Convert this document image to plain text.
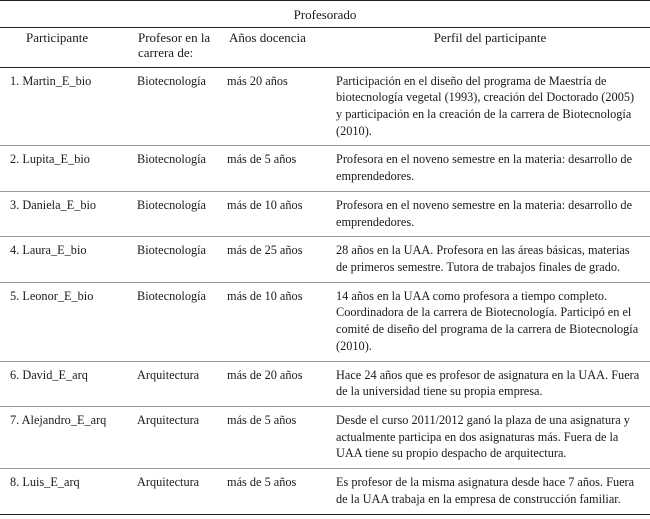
Profesorado			
Participante	Profesor en la carrera de:	Años docencia	Perfil del participante
1. Martin_E_bio	Biotecnología	más 20 años	Participación en el diseño del programa de Maestría de biotecnología vegetal (1993), creación del Doctorado (2005) y participación en la creación de la carrera de Biotecnología (2010).
2. Lupita_E_bio	Biotecnología	más de 5 años	Profesora en el noveno semestre en la materia: desarrollo de emprendedores.
3. Daniela_E_bio	Biotecnología	más de 10 años	Profesora en el noveno semestre en la materia: desarrollo de emprendedores.
4. Laura_E_bio	Biotecnología	más de 25 años	28 años en la UAA. Profesora en las áreas básicas, materias de primeros semestre. Tutora de trabajos finales de grado.
5. Leonor_E_bio	Biotecnología	más de 10 años	14 años en la UAA como profesora a tiempo completo. Coordinadora de la carrera de Biotecnología. Participó en el comité de diseño del programa de la carrera de Biotecnología (2010).
6. David_E_arq	Arquitectura	más de 20 años	Hace 24 años que es profesor de asignatura en la UAA. Fuera de la universidad tiene su propia empresa.
7. Alejandro_E_arq	Arquitectura	más de 5 años	Desde el curso 2011/2012 ganó la plaza de una asignatura y actualmente participa en dos asignaturas más. Fuera de la UAA tiene su propio despacho de arquitectura.
8. Luis_E_arq	Arquitectura	más de 5 años	Es profesor de la misma asignatura desde hace 7 años. Fuera de la UAA trabaja en la empresa de construcción familiar.
